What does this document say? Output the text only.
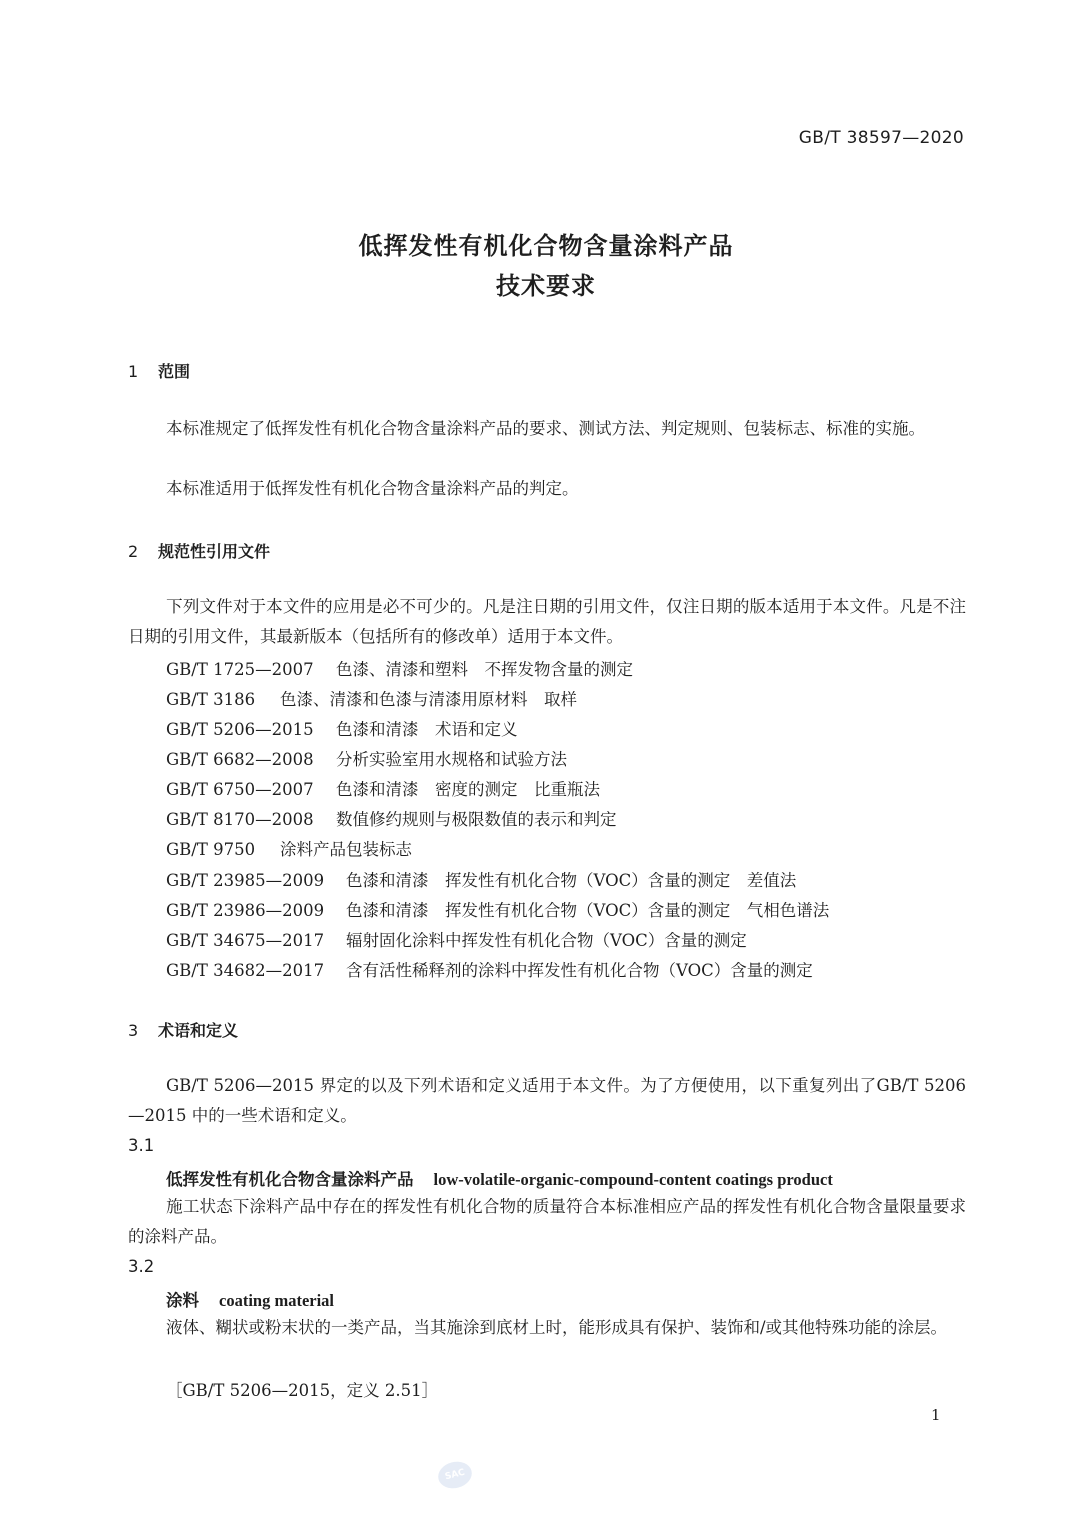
GB/T 38597—2020
低挥发性有机化合物含量涂料产品
技术要求
1 范围
本标准规定了低挥发性有机化合物含量涂料产品的要求、测试方法、判定规则、包装标志、标准的实施。
本标准适用于低挥发性有机化合物含量涂料产品的判定。
2 规范性引用文件
下列文件对于本文件的应用是必不可少的。凡是注日期的引用文件，仅注日期的版本适用于本文件。凡是不注日期的引用文件，其最新版本（包括所有的修改单）适用于本文件。
GB/T 1725—2007 色漆、清漆和塑料　不挥发物含量的测定
GB/T 3186 色漆、清漆和色漆与清漆用原材料　取样
GB/T 5206—2015 色漆和清漆　术语和定义
GB/T 6682—2008 分析实验室用水规格和试验方法
GB/T 6750—2007 色漆和清漆　密度的测定　比重瓶法
GB/T 8170—2008 数值修约规则与极限数值的表示和判定
GB/T 9750 涂料产品包装标志
GB/T 23985—2009 色漆和清漆　挥发性有机化合物（VOC）含量的测定　差值法
GB/T 23986—2009 色漆和清漆　挥发性有机化合物（VOC）含量的测定　气相色谱法
GB/T 34675—2017 辐射固化涂料中挥发性有机化合物（VOC）含量的测定
GB/T 34682—2017 含有活性稀释剂的涂料中挥发性有机化合物（VOC）含量的测定
3 术语和定义
GB/T 5206—2015 界定的以及下列术语和定义适用于本文件。为了方便使用，以下重复列出了GB/T 5206—2015 中的一些术语和定义。
3.1
低挥发性有机化合物含量涂料产品 low-volatile-organic-compound-content coatings product
施工状态下涂料产品中存在的挥发性有机化合物的质量符合本标准相应产品的挥发性有机化合物含量限量要求的涂料产品。
3.2
涂料 coating material
液体、糊状或粉末状的一类产品，当其施涂到底材上时，能形成具有保护、装饰和/或其他特殊功能的涂层。
［GB/T 5206—2015，定义 2.51］
1
SAC
